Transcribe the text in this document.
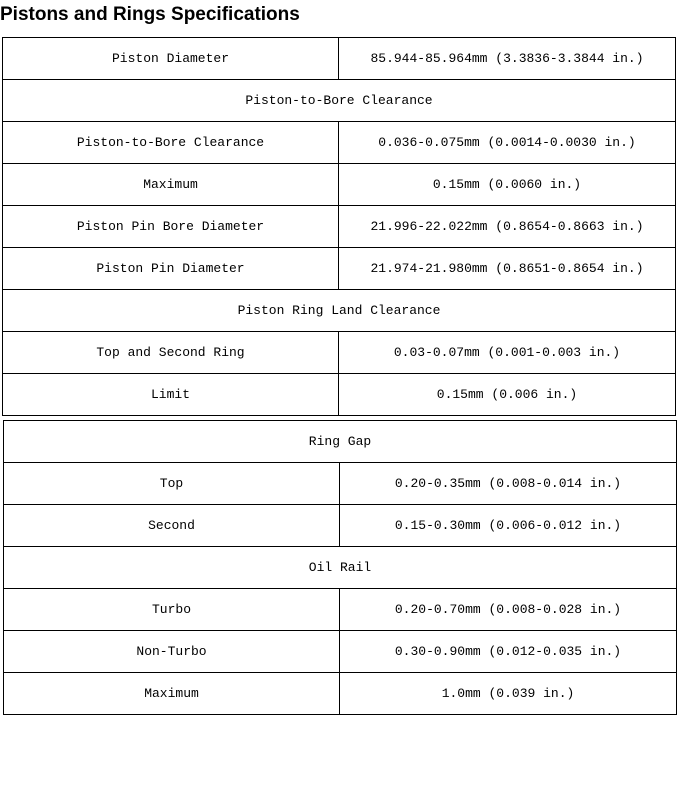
Pistons and Rings Specifications
Piston Diameter	85.944-85.964mm (3.3836-3.3844 in.)
Piston-to-Bore Clearance	
Piston-to-Bore Clearance	0.036-0.075mm (0.0014-0.0030 in.)
Maximum	0.15mm (0.0060 in.)
Piston Pin Bore Diameter	21.996-22.022mm (0.8654-0.8663 in.)
Piston Pin Diameter	21.974-21.980mm (0.8651-0.8654 in.)
Piston Ring Land Clearance	
Top and Second Ring	0.03-0.07mm (0.001-0.003 in.)
Limit	0.15mm (0.006 in.)
Ring Gap	
Top	0.20-0.35mm (0.008-0.014 in.)
Second	0.15-0.30mm (0.006-0.012 in.)
Oil Rail	
Turbo	0.20-0.70mm (0.008-0.028 in.)
Non-Turbo	0.30-0.90mm (0.012-0.035 in.)
Maximum	1.0mm (0.039 in.)
